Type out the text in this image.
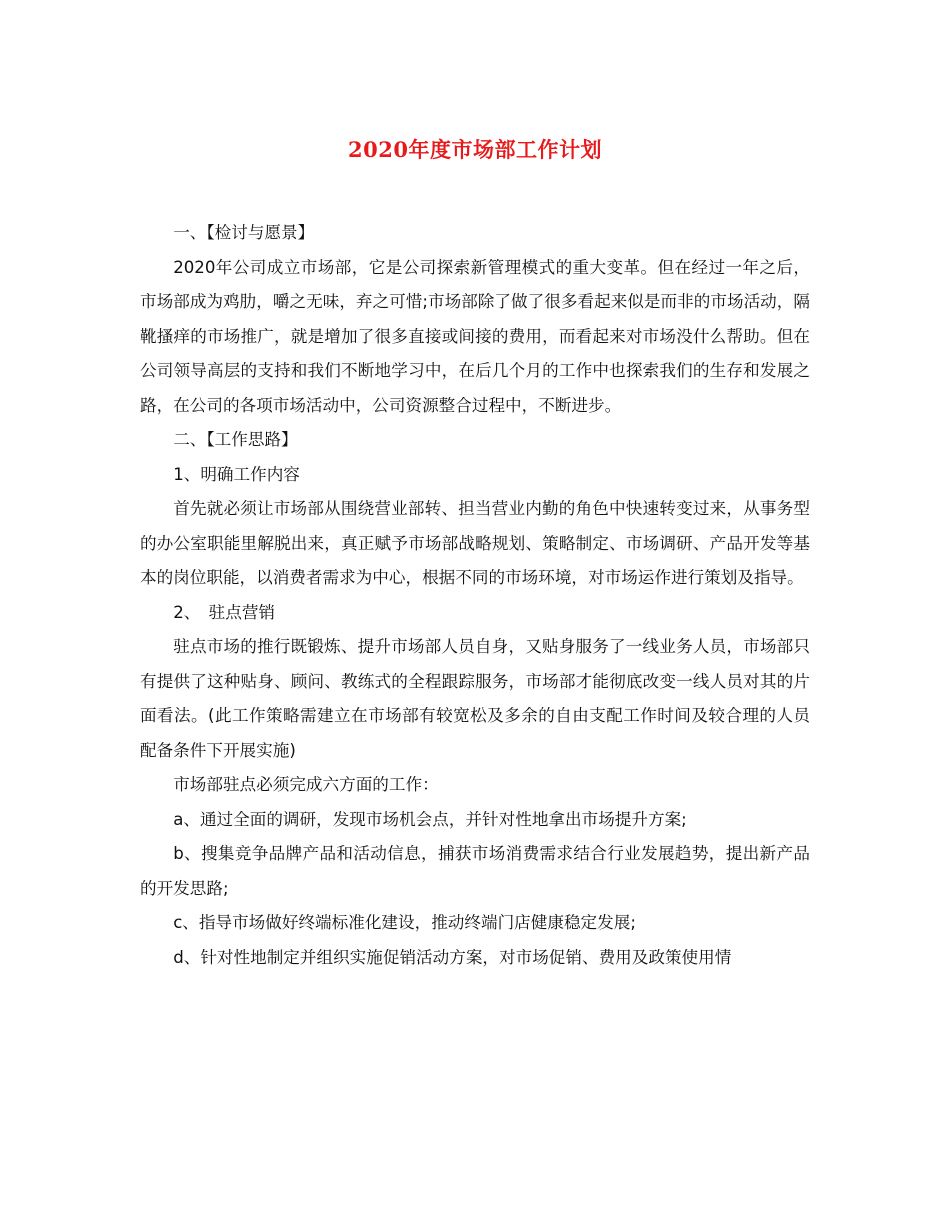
2020年度市场部工作计划

一、【检讨与愿景】

2020年公司成立市场部，它是公司探索新管理模式的重大变革。但在经过一年之后，市场部成为鸡肋，嚼之无味，弃之可惜;市场部除了做了很多看起来似是而非的市场活动，隔靴搔痒的市场推广，就是增加了很多直接或间接的费用，而看起来对市场没什么帮助。但在公司领导高层的支持和我们不断地学习中，在后几个月的工作中也探索我们的生存和发展之路，在公司的各项市场活动中，公司资源整合过程中，不断进步。

二、【工作思路】

1、明确工作内容

首先就必须让市场部从围绕营业部转、担当营业内勤的角色中快速转变过来，从事务型的办公室职能里解脱出来，真正赋予市场部战略规划、策略制定、市场调研、产品开发等基本的岗位职能，以消费者需求为中心，根据不同的市场环境，对市场运作进行策划及指导。

2、　驻点营销

驻点市场的推行既锻炼、提升市场部人员自身，又贴身服务了一线业务人员，市场部只有提供了这种贴身、顾问、教练式的全程跟踪服务，市场部才能彻底改变一线人员对其的片面看法。(此工作策略需建立在市场部有较宽松及多余的自由支配工作时间及较合理的人员配备条件下开展实施)

市场部驻点必须完成六方面的工作：

a、通过全面的调研，发现市场机会点，并针对性地拿出市场提升方案;

b、搜集竞争品牌产品和活动信息，捕获市场消费需求结合行业发展趋势，提出新产品的开发思路;

c、指导市场做好终端标准化建设，推动终端门店健康稳定发展;

d、针对性地制定并组织实施促销活动方案，对市场促销、费用及政策使用情
